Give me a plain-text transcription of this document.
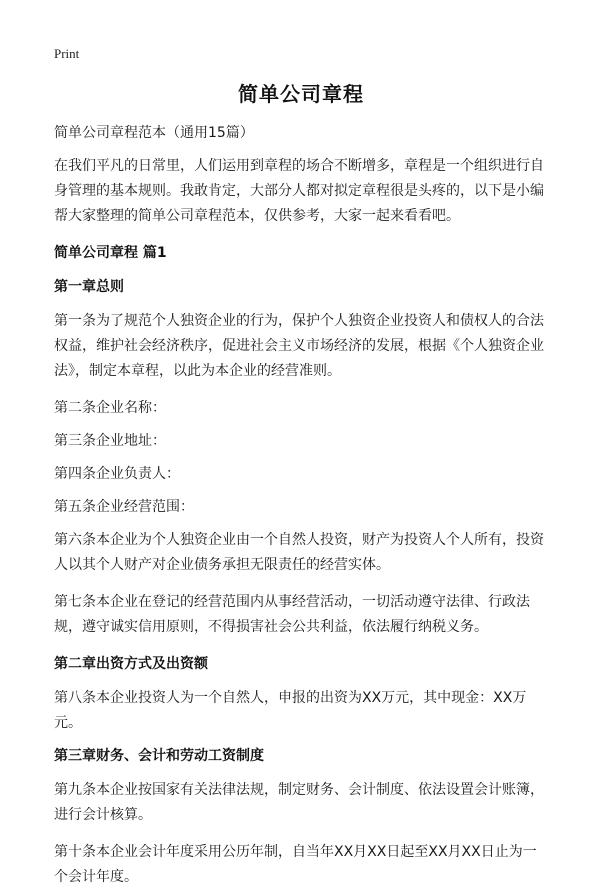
Print
简单公司章程
简单公司章程范本（通用15篇）
在我们平凡的日常里，人们运用到章程的场合不断增多，章程是一个组织进行自身管理的基本规则。我敢肯定，大部分人都对拟定章程很是头疼的，以下是小编帮大家整理的简单公司章程范本，仅供参考，大家一起来看看吧。
简单公司章程 篇1
第一章总则
第一条为了规范个人独资企业的行为，保护个人独资企业投资人和债权人的合法权益，维护社会经济秩序，促进社会主义市场经济的发展，根据《个人独资企业法》，制定本章程，以此为本企业的经营准则。
第二条企业名称：
第三条企业地址：
第四条企业负责人：
第五条企业经营范围：
第六条本企业为个人独资企业由一个自然人投资，财产为投资人个人所有，投资人以其个人财产对企业债务承担无限责任的经营实体。
第七条本企业在登记的经营范围内从事经营活动，一切活动遵守法律、行政法规，遵守诚实信用原则，不得损害社会公共利益，依法履行纳税义务。
第二章出资方式及出资额
第八条本企业投资人为一个自然人，申报的出资为XX万元，其中现金：XX万元。
第三章财务、会计和劳动工资制度
第九条本企业按国家有关法律法规，制定财务、会计制度、依法设置会计账簿，进行会计核算。
第十条本企业会计年度采用公历年制，自当年XX月XX日起至XX月XX日止为一个会计年度。
